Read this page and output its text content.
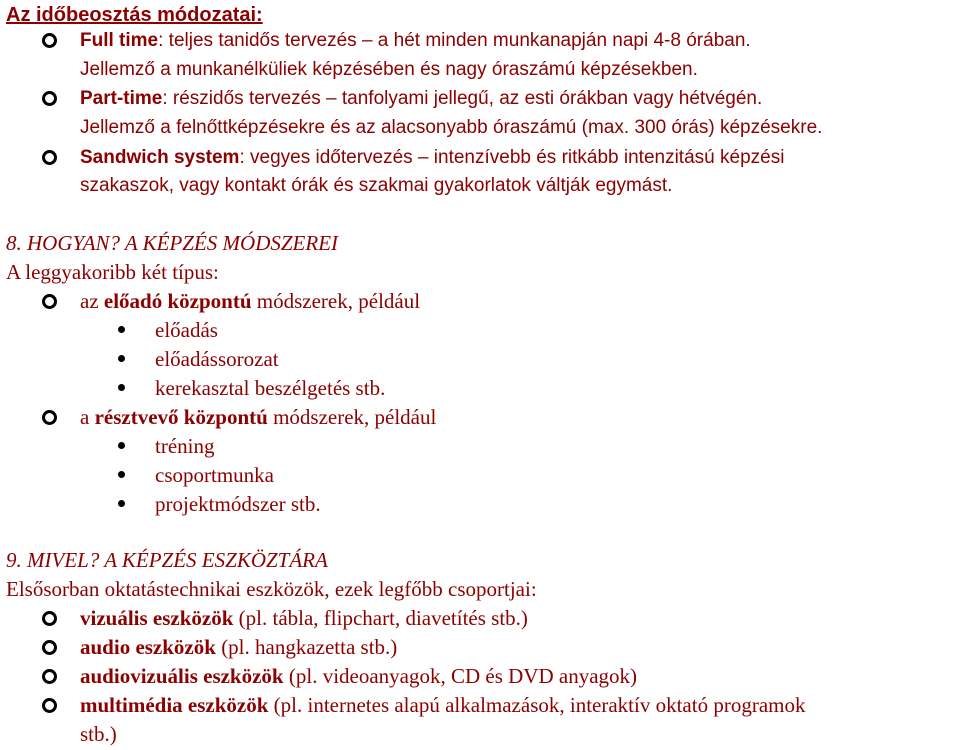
Az időbeosztás módozatai:
Full time: teljes tanidős tervezés – a hét minden munkanapján napi 4-8 órában.
Jellemző a munkanélküliek képzésében és nagy óraszámú képzésekben.
Part-time: részidős tervezés – tanfolyami jellegű, az esti órákban vagy hétvégén.
Jellemző a felnőttképzésekre és az alacsonyabb óraszámú (max. 300 órás) képzésekre.
Sandwich system: vegyes időtervezés – intenzívebb és ritkább intenzitású képzési
szakaszok, vagy kontakt órák és szakmai gyakorlatok váltják egymást.
8. HOGYAN? A KÉPZÉS MÓDSZEREI
A leggyakoribb két típus:
az előadó központú módszerek, például
előadás
előadássorozat
kerekasztal beszélgetés stb.
a résztvevő központú módszerek, például
tréning
csoportmunka
projektmódszer stb.
9. MIVEL? A KÉPZÉS ESZKÖZTÁRA
Elsősorban oktatástechnikai eszközök, ezek legfőbb csoportjai:
vizuális eszközök (pl. tábla, flipchart, diavetítés stb.)
audio eszközök (pl. hangkazetta stb.)
audiovizuális eszközök (pl. videoanyagok, CD és DVD anyagok)
multimédia eszközök (pl. internetes alapú alkalmazások, interaktív oktató programok
stb.)
